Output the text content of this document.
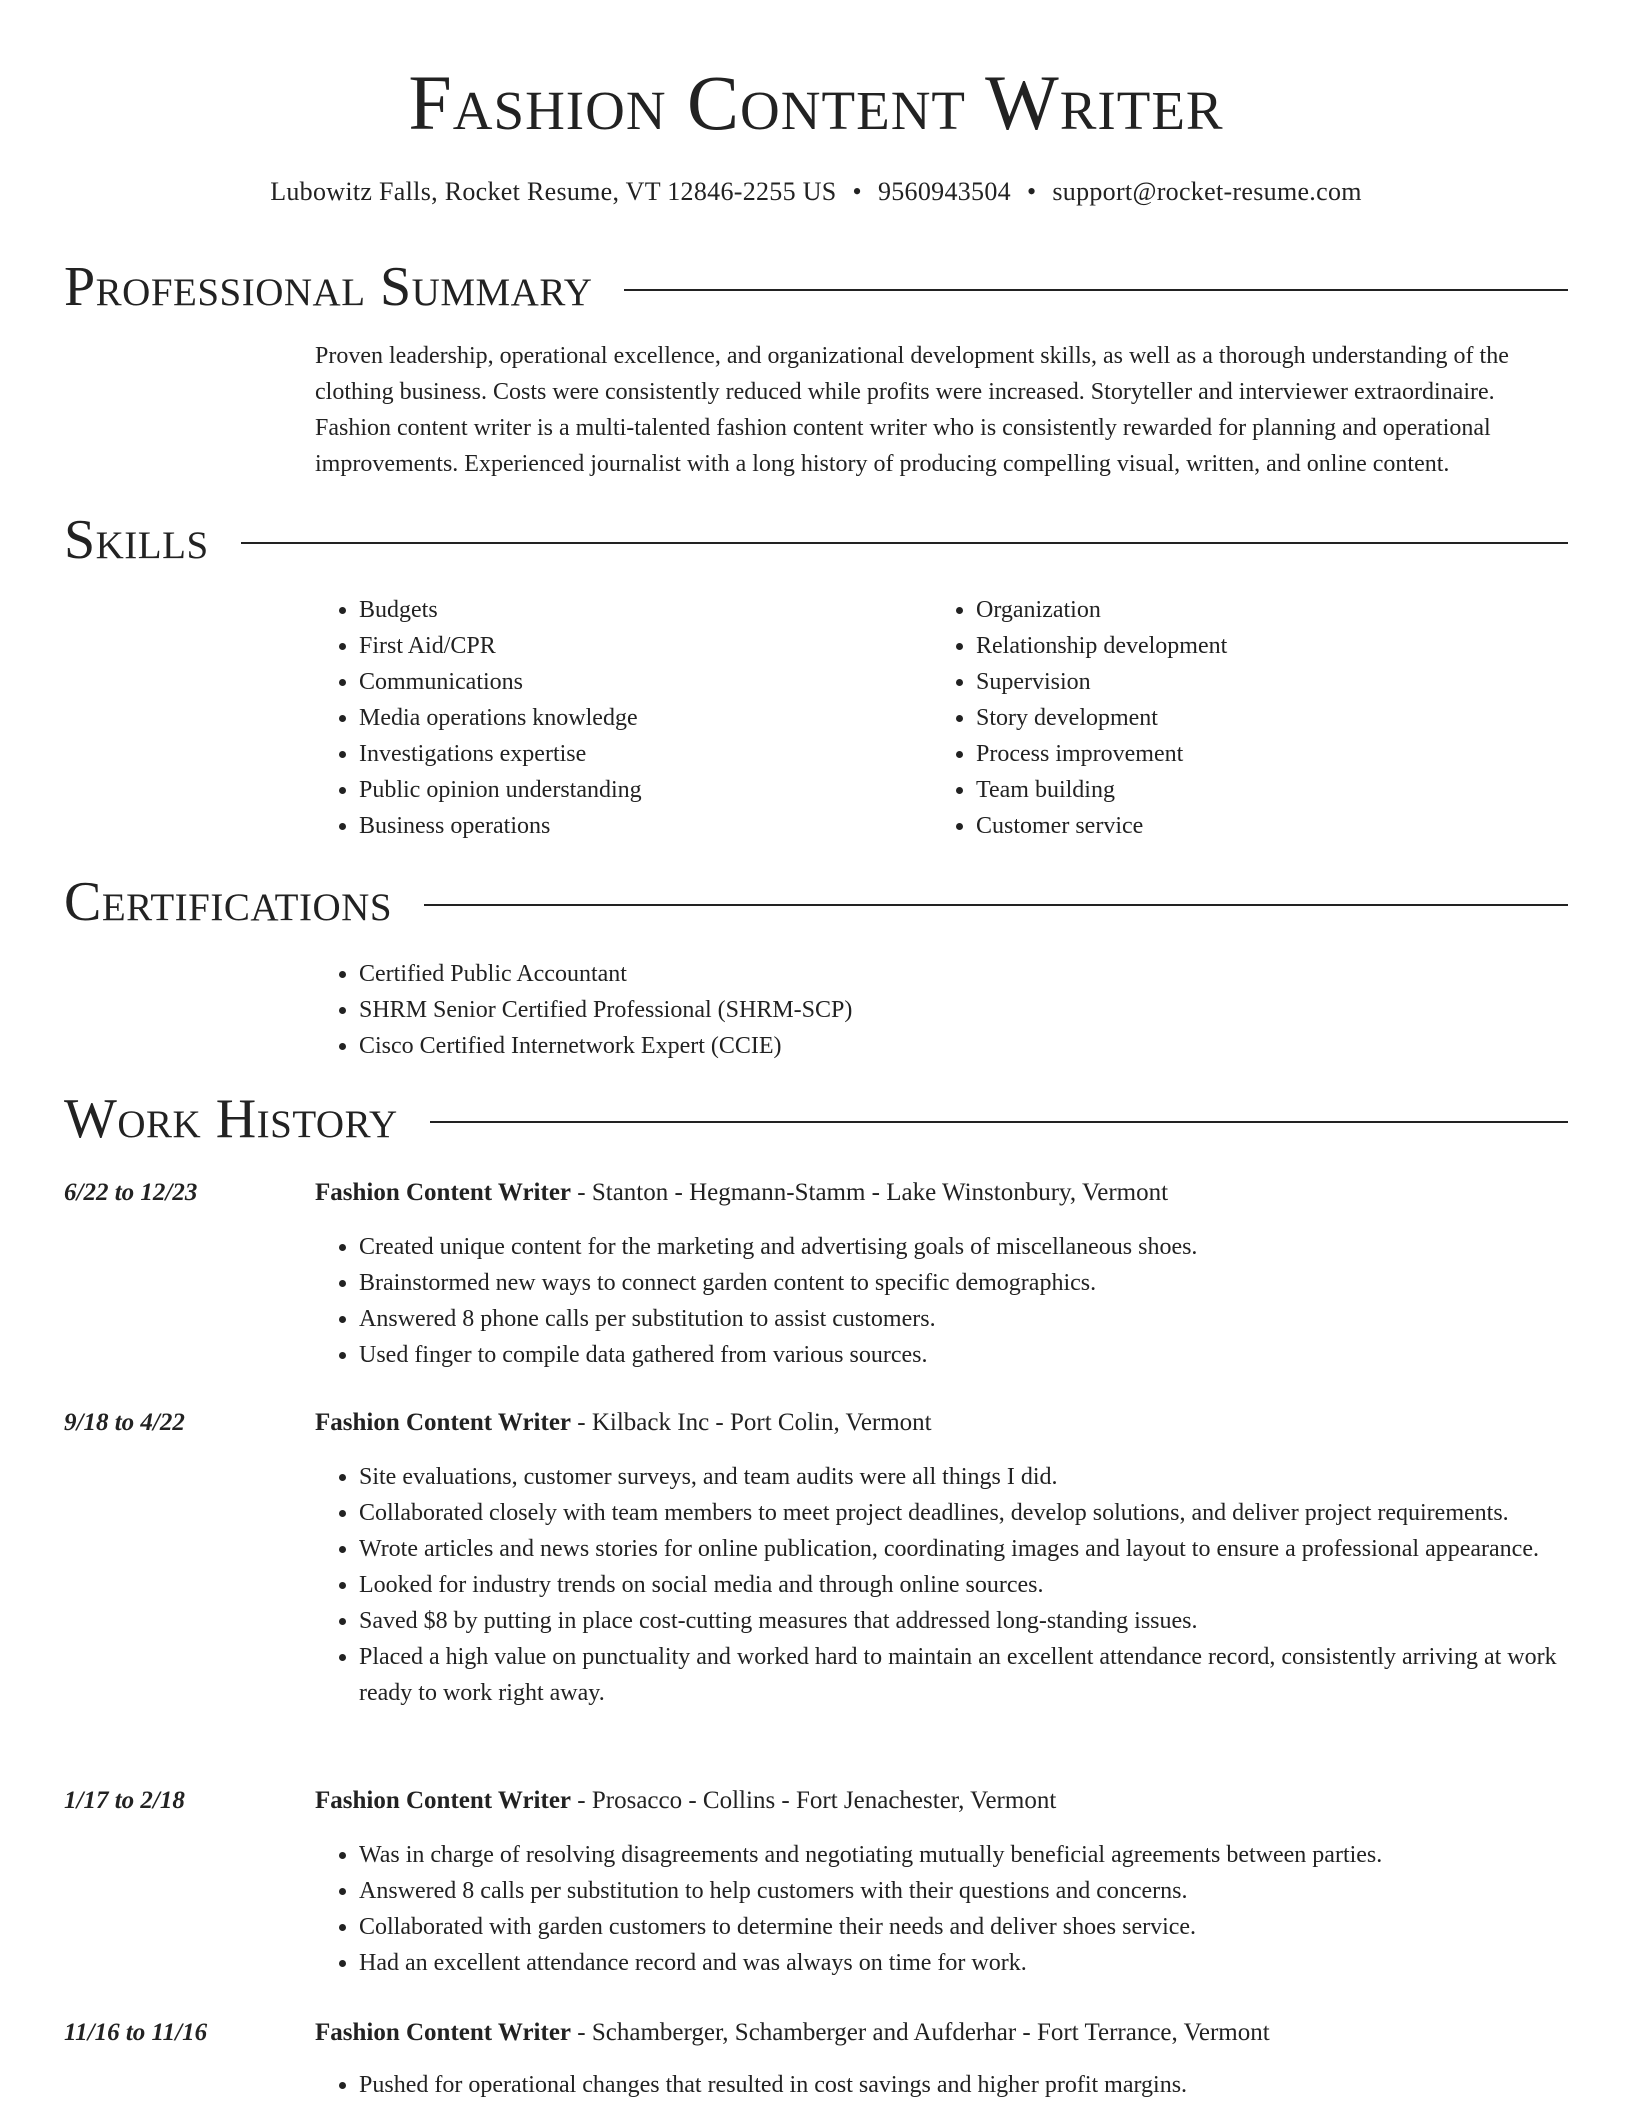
Fashion Content Writer
Lubowitz Falls, Rocket Resume, VT 12846-2255 US • 9560943504 • support@rocket-resume.com
Professional Summary

Proven leadership, operational excellence, and organizational development skills, as well as a thorough understanding of the clothing business. Costs were consistently reduced while profits were increased. Storyteller and interviewer extraordinaire. Fashion content writer is a multi-talented fashion content writer who is consistently rewarded for planning and operational improvements. Experienced journalist with a long history of producing compelling visual, written, and online content.

Skills
• Budgets
• First Aid/CPR
• Communications
• Media operations knowledge
• Investigations expertise
• Public opinion understanding
• Business operations
• Organization
• Relationship development
• Supervision
• Story development
• Process improvement
• Team building
• Customer service
Certifications
• Certified Public Accountant
• SHRM Senior Certified Professional (SHRM-SCP)
• Cisco Certified Internetwork Expert (CCIE)
Work History
6/22 to 12/23	Fashion Content Writer - Stanton - Hegmann-Stamm - Lake Winstonbury, Vermont
• Created unique content for the marketing and advertising goals of miscellaneous shoes.
• Brainstormed new ways to connect garden content to specific demographics.
• Answered 8 phone calls per substitution to assist customers.
• Used finger to compile data gathered from various sources.
9/18 to 4/22	Fashion Content Writer - Kilback Inc - Port Colin, Vermont
• Site evaluations, customer surveys, and team audits were all things I did.
• Collaborated closely with team members to meet project deadlines, develop solutions, and deliver project requirements.
• Wrote articles and news stories for online publication, coordinating images and layout to ensure a professional appearance.
• Looked for industry trends on social media and through online sources.
• Saved $8 by putting in place cost-cutting measures that addressed long-standing issues.
• Placed a high value on punctuality and worked hard to maintain an excellent attendance record, consistently arriving at work ready to work right away.
1/17 to 2/18	Fashion Content Writer - Prosacco - Collins - Fort Jenachester, Vermont
• Was in charge of resolving disagreements and negotiating mutually beneficial agreements between parties.
• Answered 8 calls per substitution to help customers with their questions and concerns.
• Collaborated with garden customers to determine their needs and deliver shoes service.
• Had an excellent attendance record and was always on time for work.
11/16 to 11/16	Fashion Content Writer - Schamberger, Schamberger and Aufderhar - Fort Terrance, Vermont
• Pushed for operational changes that resulted in cost savings and higher profit margins.
